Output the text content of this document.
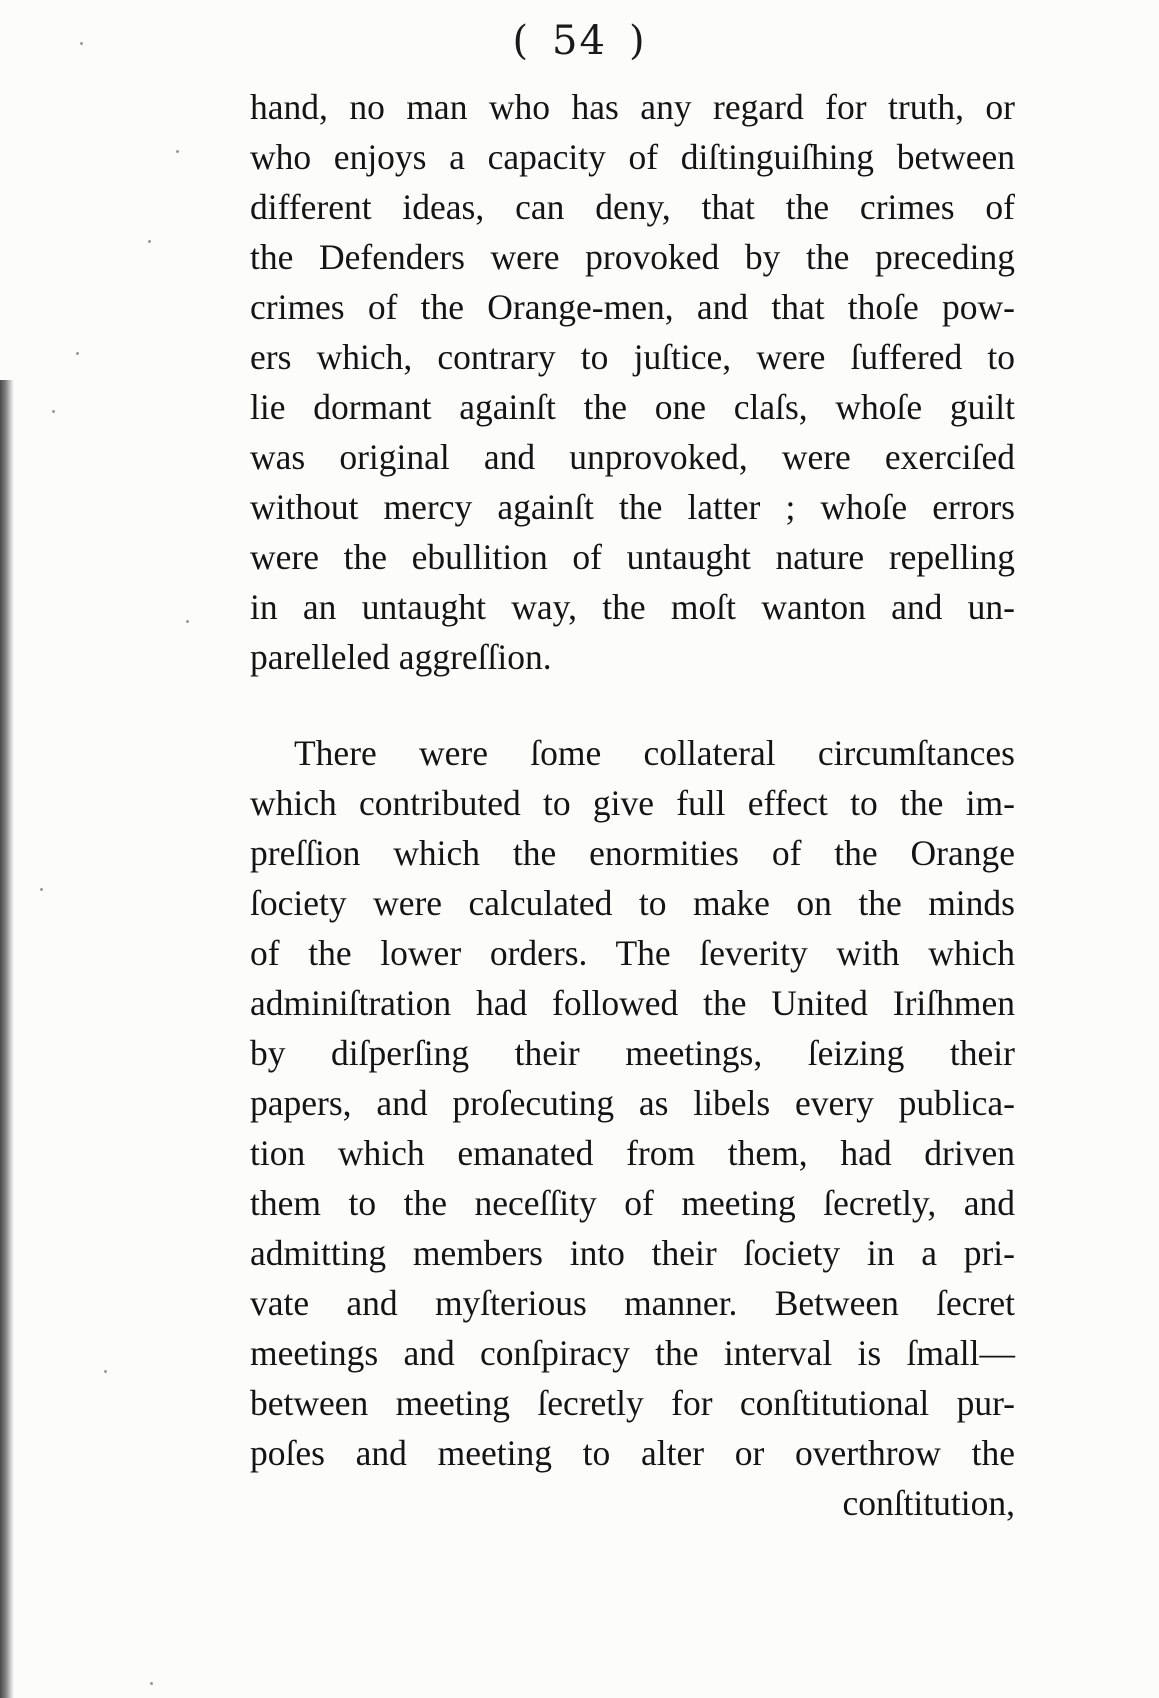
( 54 )
hand, no man who has any regard for truth, or
who enjoys a capacity of diſtinguiſhing between
different ideas, can deny, that the crimes of
the Defenders were provoked by the preceding
crimes of the Orange-men, and that thoſe pow-
ers which, contrary to juſtice, were ſuffered to
lie dormant againſt the one claſs, whoſe guilt
was original and unprovoked, were exerciſed
without mercy againſt the latter ; whoſe errors
were the ebullition of untaught nature repelling
in an untaught way, the moſt wanton and un-
parelleled aggreſſion.
There were ſome collateral circumſtances
which contributed to give full effect to the im-
preſſion which the enormities of the Orange
ſociety were calculated to make on the minds
of the lower orders. The ſeverity with which
adminiſtration had followed the United Iriſhmen
by diſperſing their meetings, ſeizing their
papers, and proſecuting as libels every publica-
tion which emanated from them, had driven
them to the neceſſity of meeting ſecretly, and
admitting members into their ſociety in a pri-
vate and myſterious manner. Between ſecret
meetings and conſpiracy the interval is ſmall—
between meeting ſecretly for conſtitutional pur-
poſes and meeting to alter or overthrow the
conſtitution,
